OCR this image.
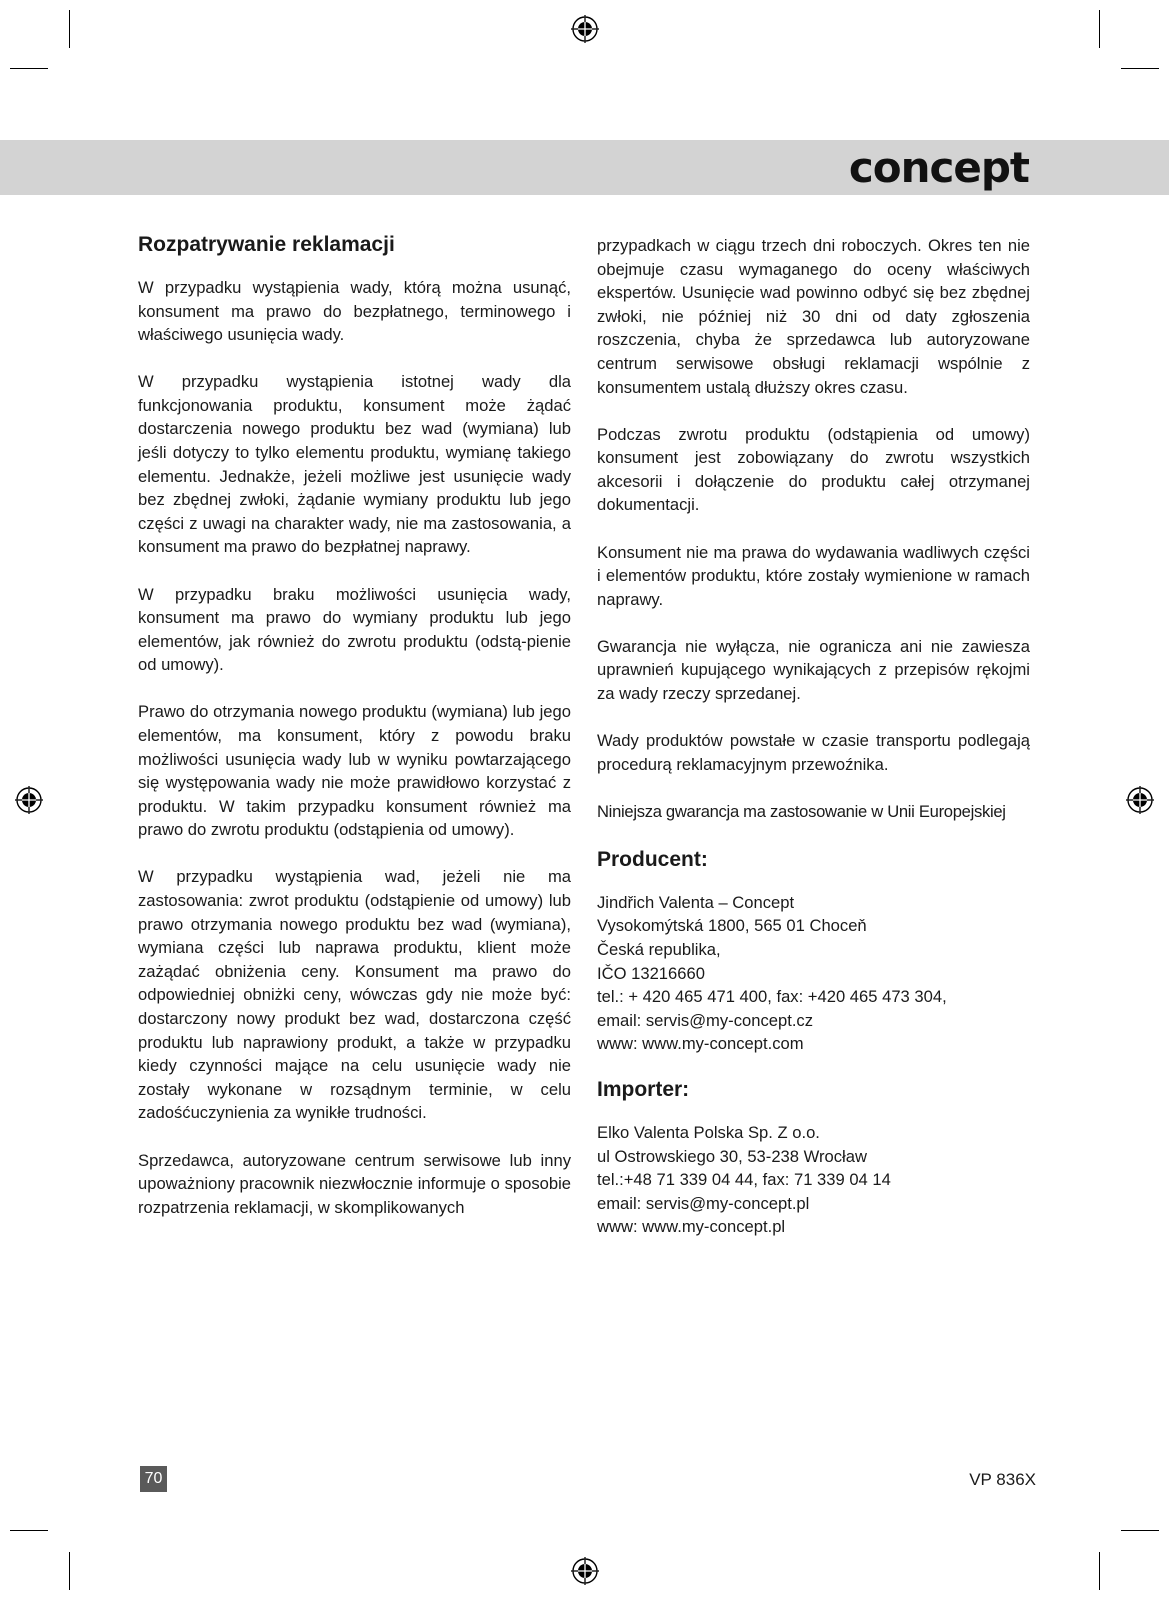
concept
Rozpatrywanie reklamacji

W przypadku wystąpienia wady, którą można usunąć, konsument ma prawo do bezpłatnego, terminowego i właściwego usunięcia wady.

W przypadku wystąpienia istotnej wady dla funkcjonowania produktu, konsument może żądać dostarczenia nowego produktu bez wad (wymiana) lub jeśli dotyczy to tylko elementu produktu, wymianę takiego elementu. Jednakże, jeżeli możliwe jest usunięcie wady bez zbędnej zwłoki, żądanie wymiany produktu lub jego części z uwagi na charakter wady, nie ma zastosowania, a konsument ma prawo do bezpłatnej naprawy.

W przypadku braku możliwości usunięcia wady, konsument ma prawo do wymiany produktu lub jego elementów, jak również do zwrotu produktu (odstą-pienie od umowy).

Prawo do otrzymania nowego produktu (wymiana) lub jego elementów, ma konsument, który z powodu braku możliwości usunięcia wady lub w wyniku powtarzającego się występowania wady nie może prawidłowo korzystać z produktu. W takim przypadku konsument również ma prawo do zwrotu produktu (odstąpienia od umowy).

W przypadku wystąpienia wad, jeżeli nie ma zastosowania: zwrot produktu (odstąpienie od umowy) lub prawo otrzymania nowego produktu bez wad (wymiana), wymiana części lub naprawa produktu, klient może zażądać obniżenia ceny. Konsument ma prawo do odpowiedniej obniżki ceny, wówczas gdy nie może być: dostarczony nowy produkt bez wad, dostarczona część produktu lub naprawiony produkt, a także w przypadku kiedy czynności mające na celu usunięcie wady nie zostały wykonane w rozsądnym terminie, w celu zadośćuczynienia za wynikłe trudności.

Sprzedawca, autoryzowane centrum serwisowe lub inny upoważniony pracownik niezwłocznie informuje o sposobie rozpatrzenia reklamacji, w skomplikowanych

przypadkach w ciągu trzech dni roboczych. Okres ten nie obejmuje czasu wymaganego do oceny właściwych ekspertów. Usunięcie wad powinno odbyć się bez zbędnej zwłoki, nie później niż 30 dni od daty zgłoszenia roszczenia, chyba że sprzedawca lub autoryzowane centrum serwisowe obsługi reklamacji wspólnie z konsumentem ustalą dłuższy okres czasu.

Podczas zwrotu produktu (odstąpienia od umowy) konsument jest zobowiązany do zwrotu wszystkich akcesorii i dołączenie do produktu całej otrzymanej dokumentacji.

Konsument nie ma prawa do wydawania wadliwych części i elementów produktu, które zostały wymienione w ramach naprawy.

Gwarancja nie wyłącza, nie ogranicza ani nie zawiesza uprawnień kupującego wynikających z przepisów rękojmi za wady rzeczy sprzedanej.

Wady produktów powstałe w czasie transportu podlegają procedurą reklamacyjnym przewoźnika.

Niniejsza gwarancja ma zastosowanie w Unii Europejskiej

Producent:

Jindřich Valenta – Concept

Vysokomýtská 1800, 565 01 Choceň

Česká republika,

IČO 13216660

tel.: + 420 465 471 400, fax: +420 465 473 304,

email: servis@my-concept.cz

www: www.my-concept.com

Importer:

Elko Valenta Polska Sp. Z o.o.

ul Ostrowskiego 30, 53-238 Wrocław

tel.:+48 71 339 04 44, fax: 71 339 04 14

email: servis@my-concept.pl

www: www.my-concept.pl

70	VP 836X
